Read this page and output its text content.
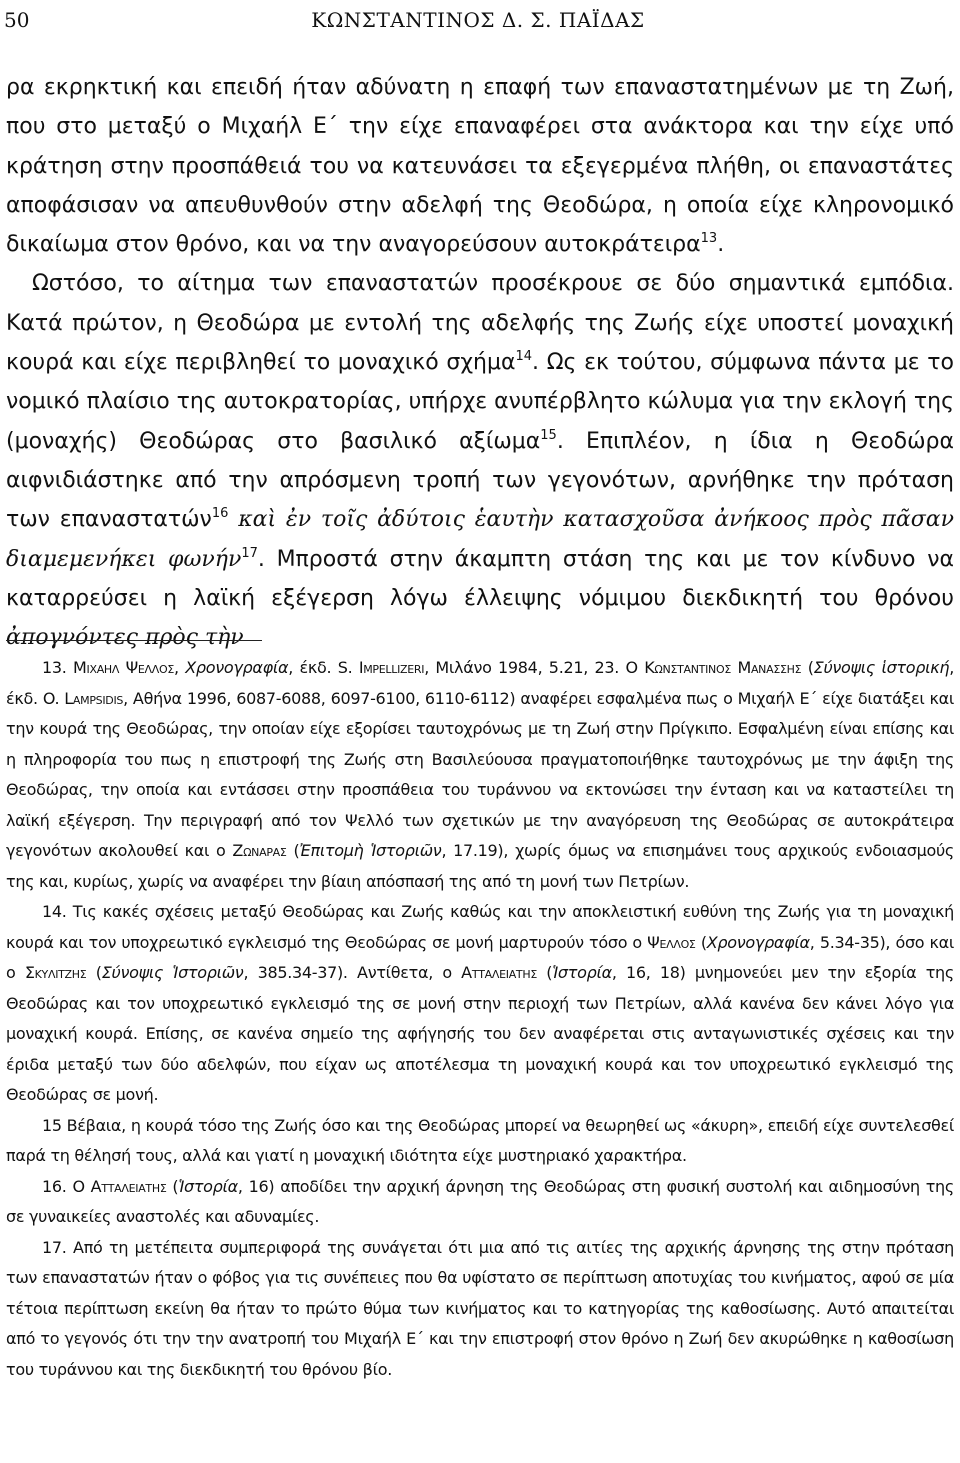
50	ΚΩΝΣΤΑΝΤΙΝΟΣ Δ. Σ. ΠΑΪΔΑΣ

ρα εκρηκτική και επειδή ήταν αδύνατη η επαφή των επαναστατημένων με τη Ζωή, που στο μεταξύ ο Μιχαήλ Ε΄ την είχε επαναφέρει στα ανάκτορα και την είχε υπό κράτηση στην προσπάθειά του να κατευνάσει τα εξεγερμένα πλήθη, οι επαναστάτες αποφάσισαν να απευθυνθούν στην αδελφή της Θεοδώρα, η οποία είχε κληρονομικό δικαίωμα στον θρόνο, και να την αναγορεύσουν αυτοκράτειρα$^{13}$.

Ωστόσο, το αίτημα των επαναστατών προσέκρουε σε δύο σημαντικά εμπόδια. Κατά πρώτον, η Θεοδώρα με εντολή της αδελφής της Ζωής είχε υποστεί μοναχική κουρά και είχε περιβληθεί το μοναχικό σχήμα$^{14}$. Ως εκ τούτου, σύμφωνα πάντα με το νομικό πλαίσιο της αυτοκρατορίας, υπήρχε ανυπέρβλητο κώλυμα για την εκλογή της (μοναχής) Θεοδώρας στο βασιλικό αξίωμα$^{15}$. Επιπλέον, η ίδια η Θεοδώρα αιφνιδιάστηκε από την απρόσμενη τροπή των γεγονότων, αρνήθηκε την πρόταση των επαναστατών$^{16}$ καὶ ἐν τοῖς ἀδύτοις ἑαυτὴν κατασχοῦσα ἀνήκοος πρὸς πᾶσαν διαμεμενήκει φωνήν$^{17}$. Μπροστά στην άκαμπτη στάση της και με τον κίνδυνο να καταρρεύσει η λαϊκή εξέγερση λόγω έλλειψης νόμιμου διεκδικητή του θρόνου ἀπογνόντες πρὸς τὴν

13. Μιχαηλ Ψελλος, Χρονογραφία, έκδ. S. Impellizeri, Μιλάνο 1984, 5.21, 23. Ο Κωνσταντινος Μανασσης (Σύνοψις ἱστορική, έκδ. O. Lampsidis, Αθήνα 1996, 6087-6088, 6097-6100, 6110-6112) αναφέρει εσφαλμένα πως ο Μιχαήλ Ε΄ είχε διατάξει και την κουρά της Θεοδώρας, την οποίαν είχε εξορίσει ταυτοχρόνως με τη Ζωή στην Πρίγκιπο. Εσφαλμένη είναι επίσης και η πληροφορία του πως η επιστροφή της Ζωής στη Βασιλεύουσα πραγματοποιήθηκε ταυτοχρόνως με την άφιξη της Θεοδώρας, την οποία και εντάσσει στην προσπάθεια του τυράννου να εκτονώσει την ένταση και να καταστείλει τη λαϊκή εξέγερση. Την περιγραφή από τον Ψελλό των σχετικών με την αναγόρευση της Θεοδώρας σε αυτοκράτειρα γεγονότων ακολουθεί και ο Ζωναρας (Ἐπιτομὴ Ἱστοριῶν, 17.19), χωρίς όμως να επισημάνει τους αρχικούς ενδοιασμούς της και, κυρίως, χωρίς να αναφέρει την βίαιη απόσπασή της από τη μονή των Πετρίων.

14. Τις κακές σχέσεις μεταξύ Θεοδώρας και Ζωής καθώς και την αποκλειστική ευθύνη της Ζωής για τη μοναχική κουρά και τον υποχρεωτικό εγκλεισμό της Θεοδώρας σε μονή μαρτυρούν τόσο ο Ψελλος (Χρονογραφία, 5.34-35), όσο και ο Σκυλιτζης (Σύνοψις Ἱστοριῶν, 385.34-37). Αντίθετα, ο Ατταλειατης (Ἱστορία, 16, 18) μνημονεύει μεν την εξορία της Θεοδώρας και τον υποχρεωτικό εγκλεισμό της σε μονή στην περιοχή των Πετρίων, αλλά κανένα δεν κάνει λόγο για μοναχική κουρά. Επίσης, σε κανένα σημείο της αφήγησής του δεν αναφέρεται στις ανταγωνιστικές σχέσεις και την έριδα μεταξύ των δύο αδελφών, που είχαν ως αποτέλεσμα τη μοναχική κουρά και τον υποχρεωτικό εγκλεισμό της Θεοδώρας σε μονή.

15 Βέβαια, η κουρά τόσο της Ζωής όσο και της Θεοδώρας μπορεί να θεωρηθεί ως «άκυρη», επειδή είχε συντελεσθεί παρά τη θέλησή τους, αλλά και γιατί η μοναχική ιδιότητα είχε μυστηριακό χαρακτήρα.

16. Ο Ατταλειατης (Ἱστορία, 16) αποδίδει την αρχική άρνηση της Θεοδώρας στη φυσική συστολή και αιδημοσύνη της σε γυναικείες αναστολές και αδυναμίες.

17. Από τη μετέπειτα συμπεριφορά της συνάγεται ότι μια από τις αιτίες της αρχικής άρνησης της στην πρόταση των επαναστατών ήταν ο φόβος για τις συνέπειες που θα υφίστατο σε περίπτωση αποτυχίας του κινήματος, αφού σε μία τέτοια περίπτωση εκείνη θα ήταν το πρώτο θύμα των κινήματος και το κατηγορίας της καθοσίωσης. Αυτό απαιτείται από το γεγονός ότι την την ανατροπή του Μιχαήλ Ε΄ και την επιστροφή στον θρόνο η Ζωή δεν ακυρώθηκε η καθοσίωση του τυράννου και της διεκδικητή του θρόνου βίο.
